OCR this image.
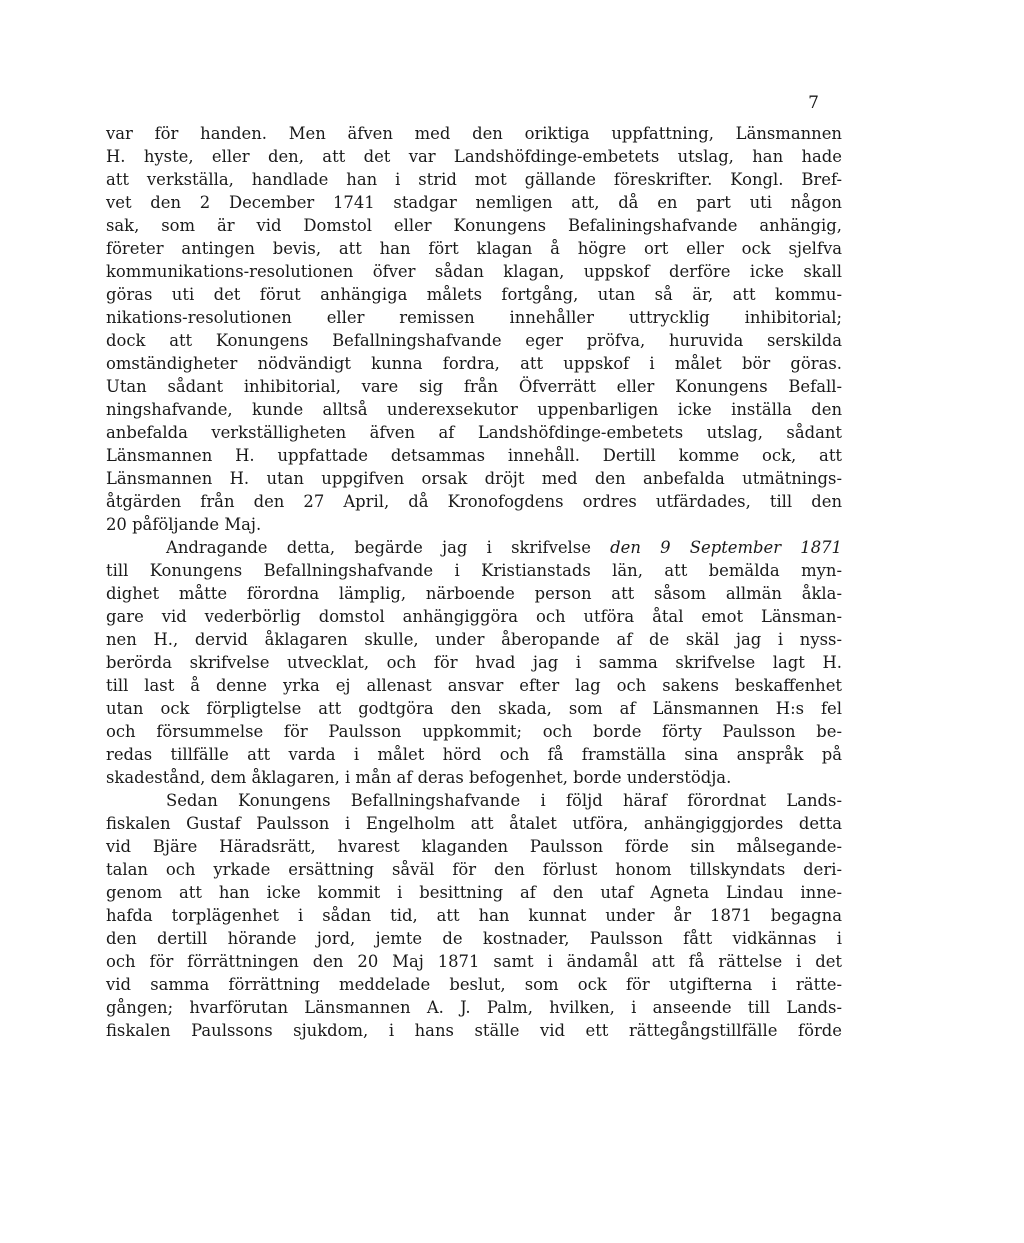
7
var för handen. Men äfven med den oriktiga uppfattning, Länsmannen
H. hyste, eller den, att det var Landshöfdinge-embetets utslag, han hade
att verkställa, handlade han i strid mot gällande föreskrifter. Kongl. Bref-
vet den 2 December 1741 stadgar nemligen att, då en part uti någon
sak, som är vid Domstol eller Konungens Befaliningshafvande anhängig,
företer antingen bevis, att han fört klagan å högre ort eller ock sjelfva
kommunikations-resolutionen öfver sådan klagan, uppskof derföre icke skall
göras uti det förut anhängiga målets fortgång, utan så är, att kommu-
nikations-resolutionen eller remissen innehåller uttrycklig inhibitorial;
dock att Konungens Befallningshafvande eger pröfva, huruvida serskilda
omständigheter nödvändigt kunna fordra, att uppskof i målet bör göras.
Utan sådant inhibitorial, vare sig från Öfverrätt eller Konungens Befall-
ningshafvande, kunde alltså underexsekutor uppenbarligen icke inställa den
anbefalda verkställigheten äfven af Landshöfdinge-embetets utslag, sådant
Länsmannen H. uppfattade detsammas innehåll. Dertill komme ock, att
Länsmannen H. utan uppgifven orsak dröjt med den anbefalda utmätnings-
åtgärden från den 27 April, då Kronofogdens ordres utfärdades, till den
20 påföljande Maj.
Andragande detta, begärde jag i skrifvelse den 9 September 1871
till Konungens Befallningshafvande i Kristianstads län, att bemälda myn-
dighet måtte förordna lämplig, närboende person att såsom allmän åkla-
gare vid vederbörlig domstol anhängiggöra och utföra åtal emot Länsman-
nen H., dervid åklagaren skulle, under åberopande af de skäl jag i nyss-
berörda skrifvelse utvecklat, och för hvad jag i samma skrifvelse lagt H.
till last å denne yrka ej allenast ansvar efter lag och sakens beskaffenhet
utan ock förpligtelse att godtgöra den skada, som af Länsmannen H:s fel
och försummelse för Paulsson uppkommit; och borde förty Paulsson be-
redas tillfälle att varda i målet hörd och få framställa sina anspråk på
skadestånd, dem åklagaren, i mån af deras befogenhet, borde understödja.
Sedan Konungens Befallningshafvande i följd häraf förordnat Lands-
fiskalen Gustaf Paulsson i Engelholm att åtalet utföra, anhängiggjordes detta
vid Bjäre Häradsrätt, hvarest klaganden Paulsson förde sin målsegande-
talan och yrkade ersättning såväl för den förlust honom tillskyndats deri-
genom att han icke kommit i besittning af den utaf Agneta Lindau inne-
hafda torplägenhet i sådan tid, att han kunnat under år 1871 begagna
den dertill hörande jord, jemte de kostnader, Paulsson fått vidkännas i
och för förrättningen den 20 Maj 1871 samt i ändamål att få rättelse i det
vid samma förrättning meddelade beslut, som ock för utgifterna i rätte-
gången; hvarförutan Länsmannen A. J. Palm, hvilken, i anseende till Lands-
fiskalen Paulssons sjukdom, i hans ställe vid ett rättegångstillfälle förde
